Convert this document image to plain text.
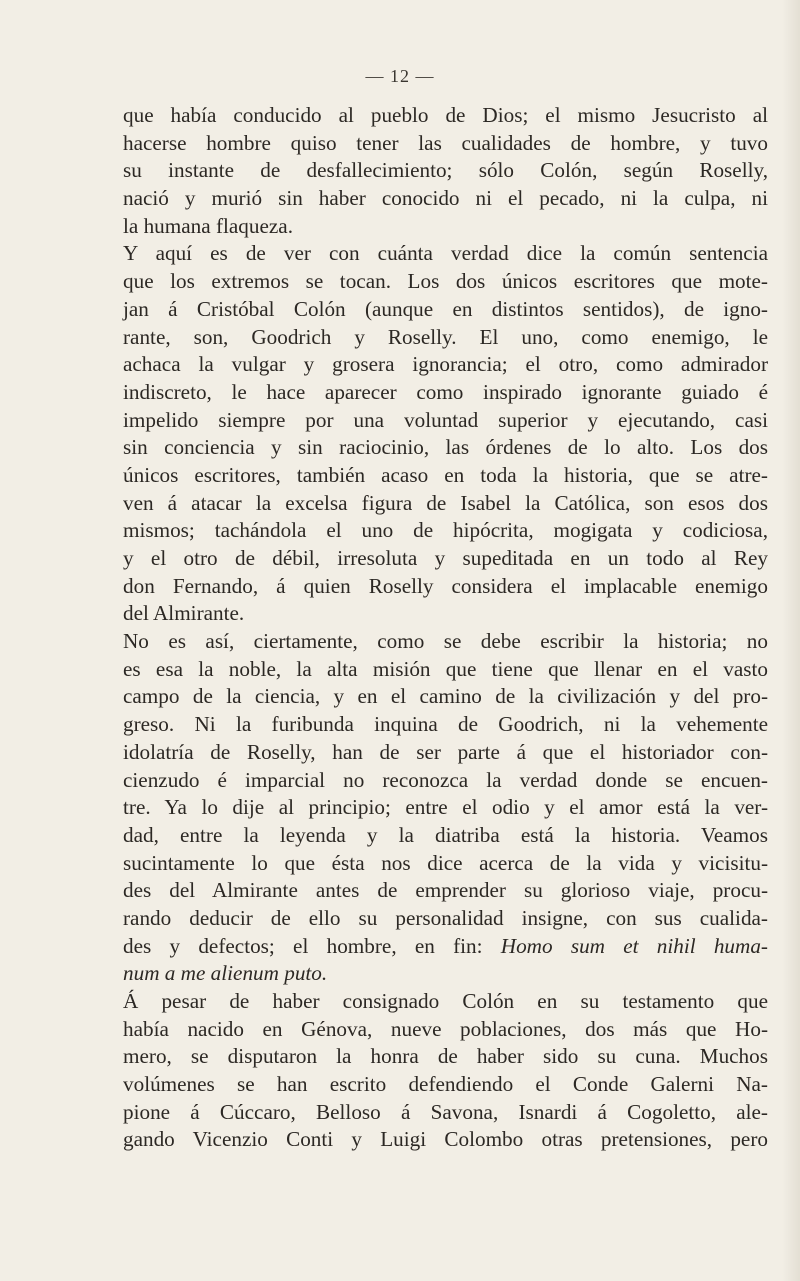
— 12 —
que había conducido al pueblo de Dios; el mismo Jesucristo al
hacerse hombre quiso tener las cualidades de hombre, y tuvo
su instante de desfallecimiento; sólo Colón, según Roselly,
nació y murió sin haber conocido ni el pecado, ni la culpa, ni
la humana flaqueza.
Y aquí es de ver con cuánta verdad dice la común sentencia
que los extremos se tocan. Los dos únicos escritores que mote-
jan á Cristóbal Colón (aunque en distintos sentidos), de igno-
rante, son, Goodrich y Roselly. El uno, como enemigo, le
achaca la vulgar y grosera ignorancia; el otro, como admirador
indiscreto, le hace aparecer como inspirado ignorante guiado é
impelido siempre por una voluntad superior y ejecutando, casi
sin conciencia y sin raciocinio, las órdenes de lo alto. Los dos
únicos escritores, también acaso en toda la historia, que se atre-
ven á atacar la excelsa figura de Isabel la Católica, son esos dos
mismos; tachándola el uno de hipócrita, mogigata y codiciosa,
y el otro de débil, irresoluta y supeditada en un todo al Rey
don Fernando, á quien Roselly considera el implacable enemigo
del Almirante.
No es así, ciertamente, como se debe escribir la historia; no
es esa la noble, la alta misión que tiene que llenar en el vasto
campo de la ciencia, y en el camino de la civilización y del pro-
greso. Ni la furibunda inquina de Goodrich, ni la vehemente
idolatría de Roselly, han de ser parte á que el historiador con-
cienzudo é imparcial no reconozca la verdad donde se encuen-
tre. Ya lo dije al principio; entre el odio y el amor está la ver-
dad, entre la leyenda y la diatriba está la historia. Veamos
sucintamente lo que ésta nos dice acerca de la vida y vicisitu-
des del Almirante antes de emprender su glorioso viaje, procu-
rando deducir de ello su personalidad insigne, con sus cualida-
des y defectos; el hombre, en fin: Homo sum et nihil huma-
num a me alienum puto.
Á pesar de haber consignado Colón en su testamento que
había nacido en Génova, nueve poblaciones, dos más que Ho-
mero, se disputaron la honra de haber sido su cuna. Muchos
volúmenes se han escrito defendiendo el Conde Galerni Na-
pione á Cúccaro, Belloso á Savona, Isnardi á Cogoletto, ale-
gando Vicenzio Conti y Luigi Colombo otras pretensiones, pero
